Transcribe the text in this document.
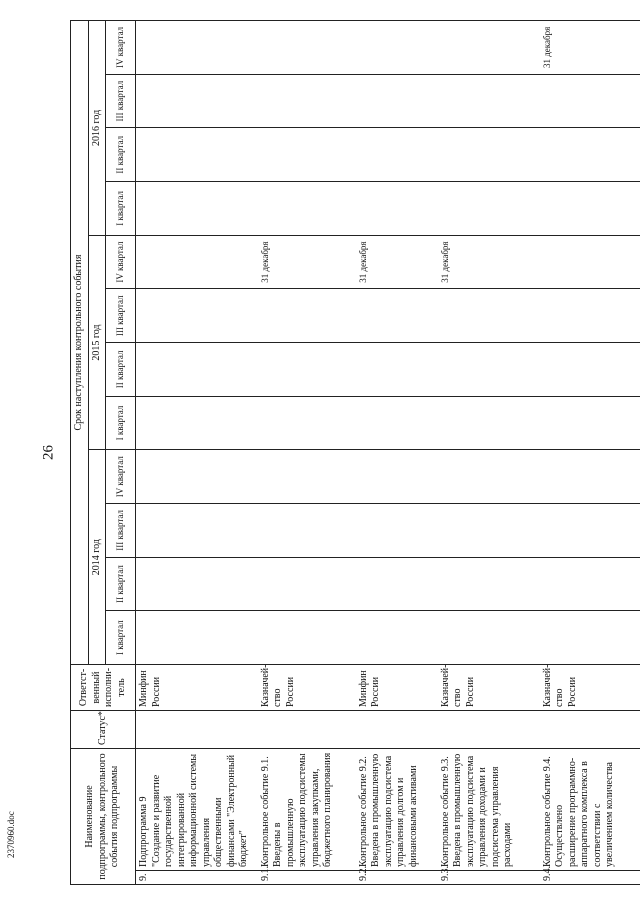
26
2370960.doc	Наименование подпрограммы, контрольного события подпрограммы		Статус*	Ответст- венный исполни- тель	Срок наступления контрольного события											
				2014 год				2015 год				2016 год			
				I квартал	II квартал	III квартал	IV квартал	I квартал	II квартал	III квартал	IV квартал	I квартал	II квартал	III квартал	IV квартал
9.	Подпрограмма 9 "Создание и развитие государственной интегрированной информационной системы управления общественными финансами "Электронный бюджет"		Минфин России												
9.1.	Контрольное событие 9.1. Введены в промышленную эксплуатацию подсистемы управления закупками, бюджетного планирования		Казначей- ство России								31 декабря				
9.2.	Контрольное событие 9.2. Введена в промышленную эксплуатацию подсистема управления долгом и финансовыми активами		Минфин России								31 декабря				
9.3.	Контрольное событие 9.3. Введена в промышленную эксплуатацию подсистема управления доходами и подсистема управления расходами		Казначей- ство России								31 декабря				
9.4.	Контрольное событие 9.4. Осуществлено расширение программно-аппаратного комплекса в соответствии с увеличением количества		Казначей- ство России												31 декабря
